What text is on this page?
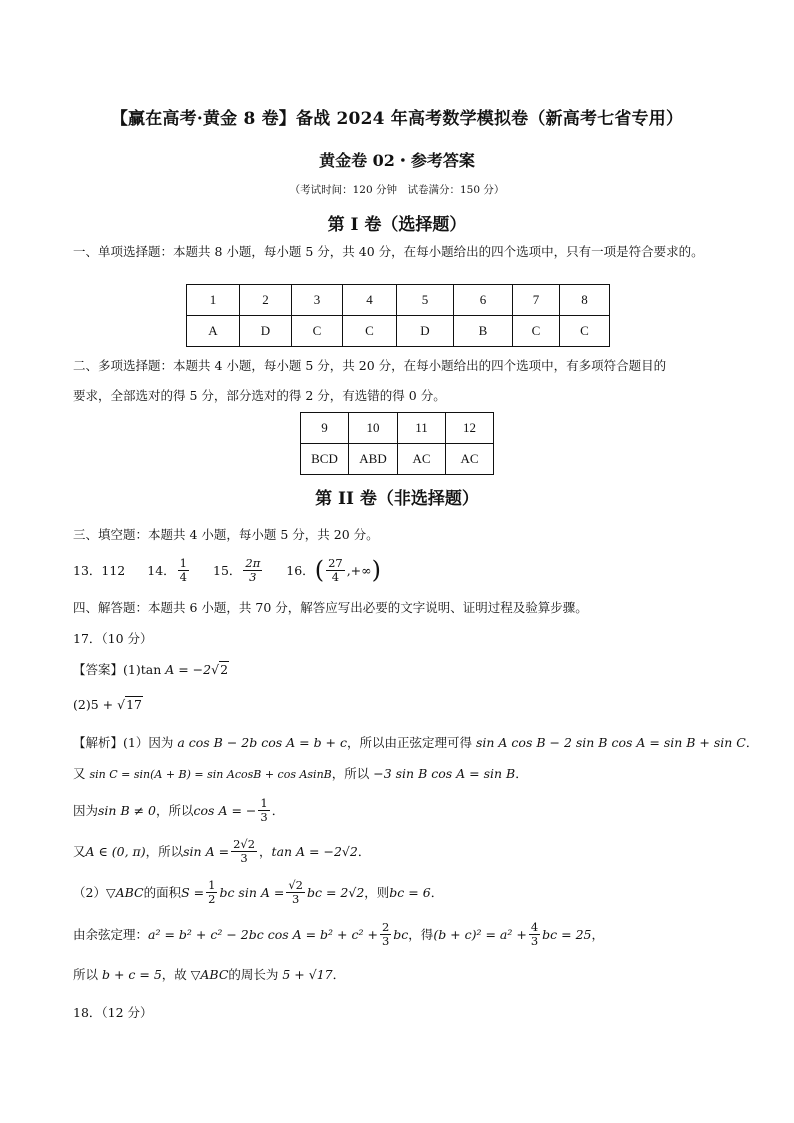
【赢在高考·黄金 8 卷】备战 2024 年高考数学模拟卷（新高考七省专用）
黄金卷 02・参考答案
（考试时间：120 分钟　试卷满分：150 分）
第 I 卷（选择题）
一、单项选择题：本题共 8 小题，每小题 5 分，共 40 分，在每小题给出的四个选项中，只有一项是符合要求的。
1	2	3	4	5	6	7	8
A	D	C	C	D	B	C	C
二、多项选择题：本题共 4 小题，每小题 5 分，共 20 分，在每小题给出的四个选项中，有多项符合题目的
要求，全部选对的得 5 分，部分选对的得 2 分，有选错的得 0 分。
9	10	11	12
BCD	ABD	AC	AC
第 II 卷（非选择题）
三、填空题：本题共 4 小题，每小题 5 分，共 20 分。
13．112 14． $\frac{1}{4} 15$． $\frac{2\pi}{3} 16$． ( $\frac{27}{4}$ ,+∞ )
四、解答题：本题共 6 小题，共 70 分，解答应写出必要的文字说明、证明过程及验算步骤。
17．（10 分）
【答案】(1)tan A = −2√2
(2)5 + √17
【解析】(1）因为 a cos B − 2b cos A = b + c，所以由正弦定理可得 sin A cos B − 2 sin B cos A = sin B + sin C．
又 sin C = sin(A + B) = sin AcosB + cos AsinB，所以 −3 sin B cos A = sin B．
因为 sin B ≠ 0 ，所以 cos A = − $\frac{1}{3}$ ．
又 A ∈ (0, π) ，所以 $\sin A = \frac{2√2}{3}$ ， tan A = −2√2 ．
（2） ▽ABC 的面积 $S = \frac{1}{2}$ bc $\sin A = \frac{√2}{3}$ bc = 2√2 ，则 bc = 6 ．
由余弦定理： a² = b² + c² − 2bc $\cos A = b^2 + c^2 + \frac{2}{3}$ bc ，得 $(b + c)^2 = a^2 + \frac{4}{3}$ bc = 25 ，
所以 b + c = 5，故 ▽ABC的周长为 5 + √17．
18．（12 分）
